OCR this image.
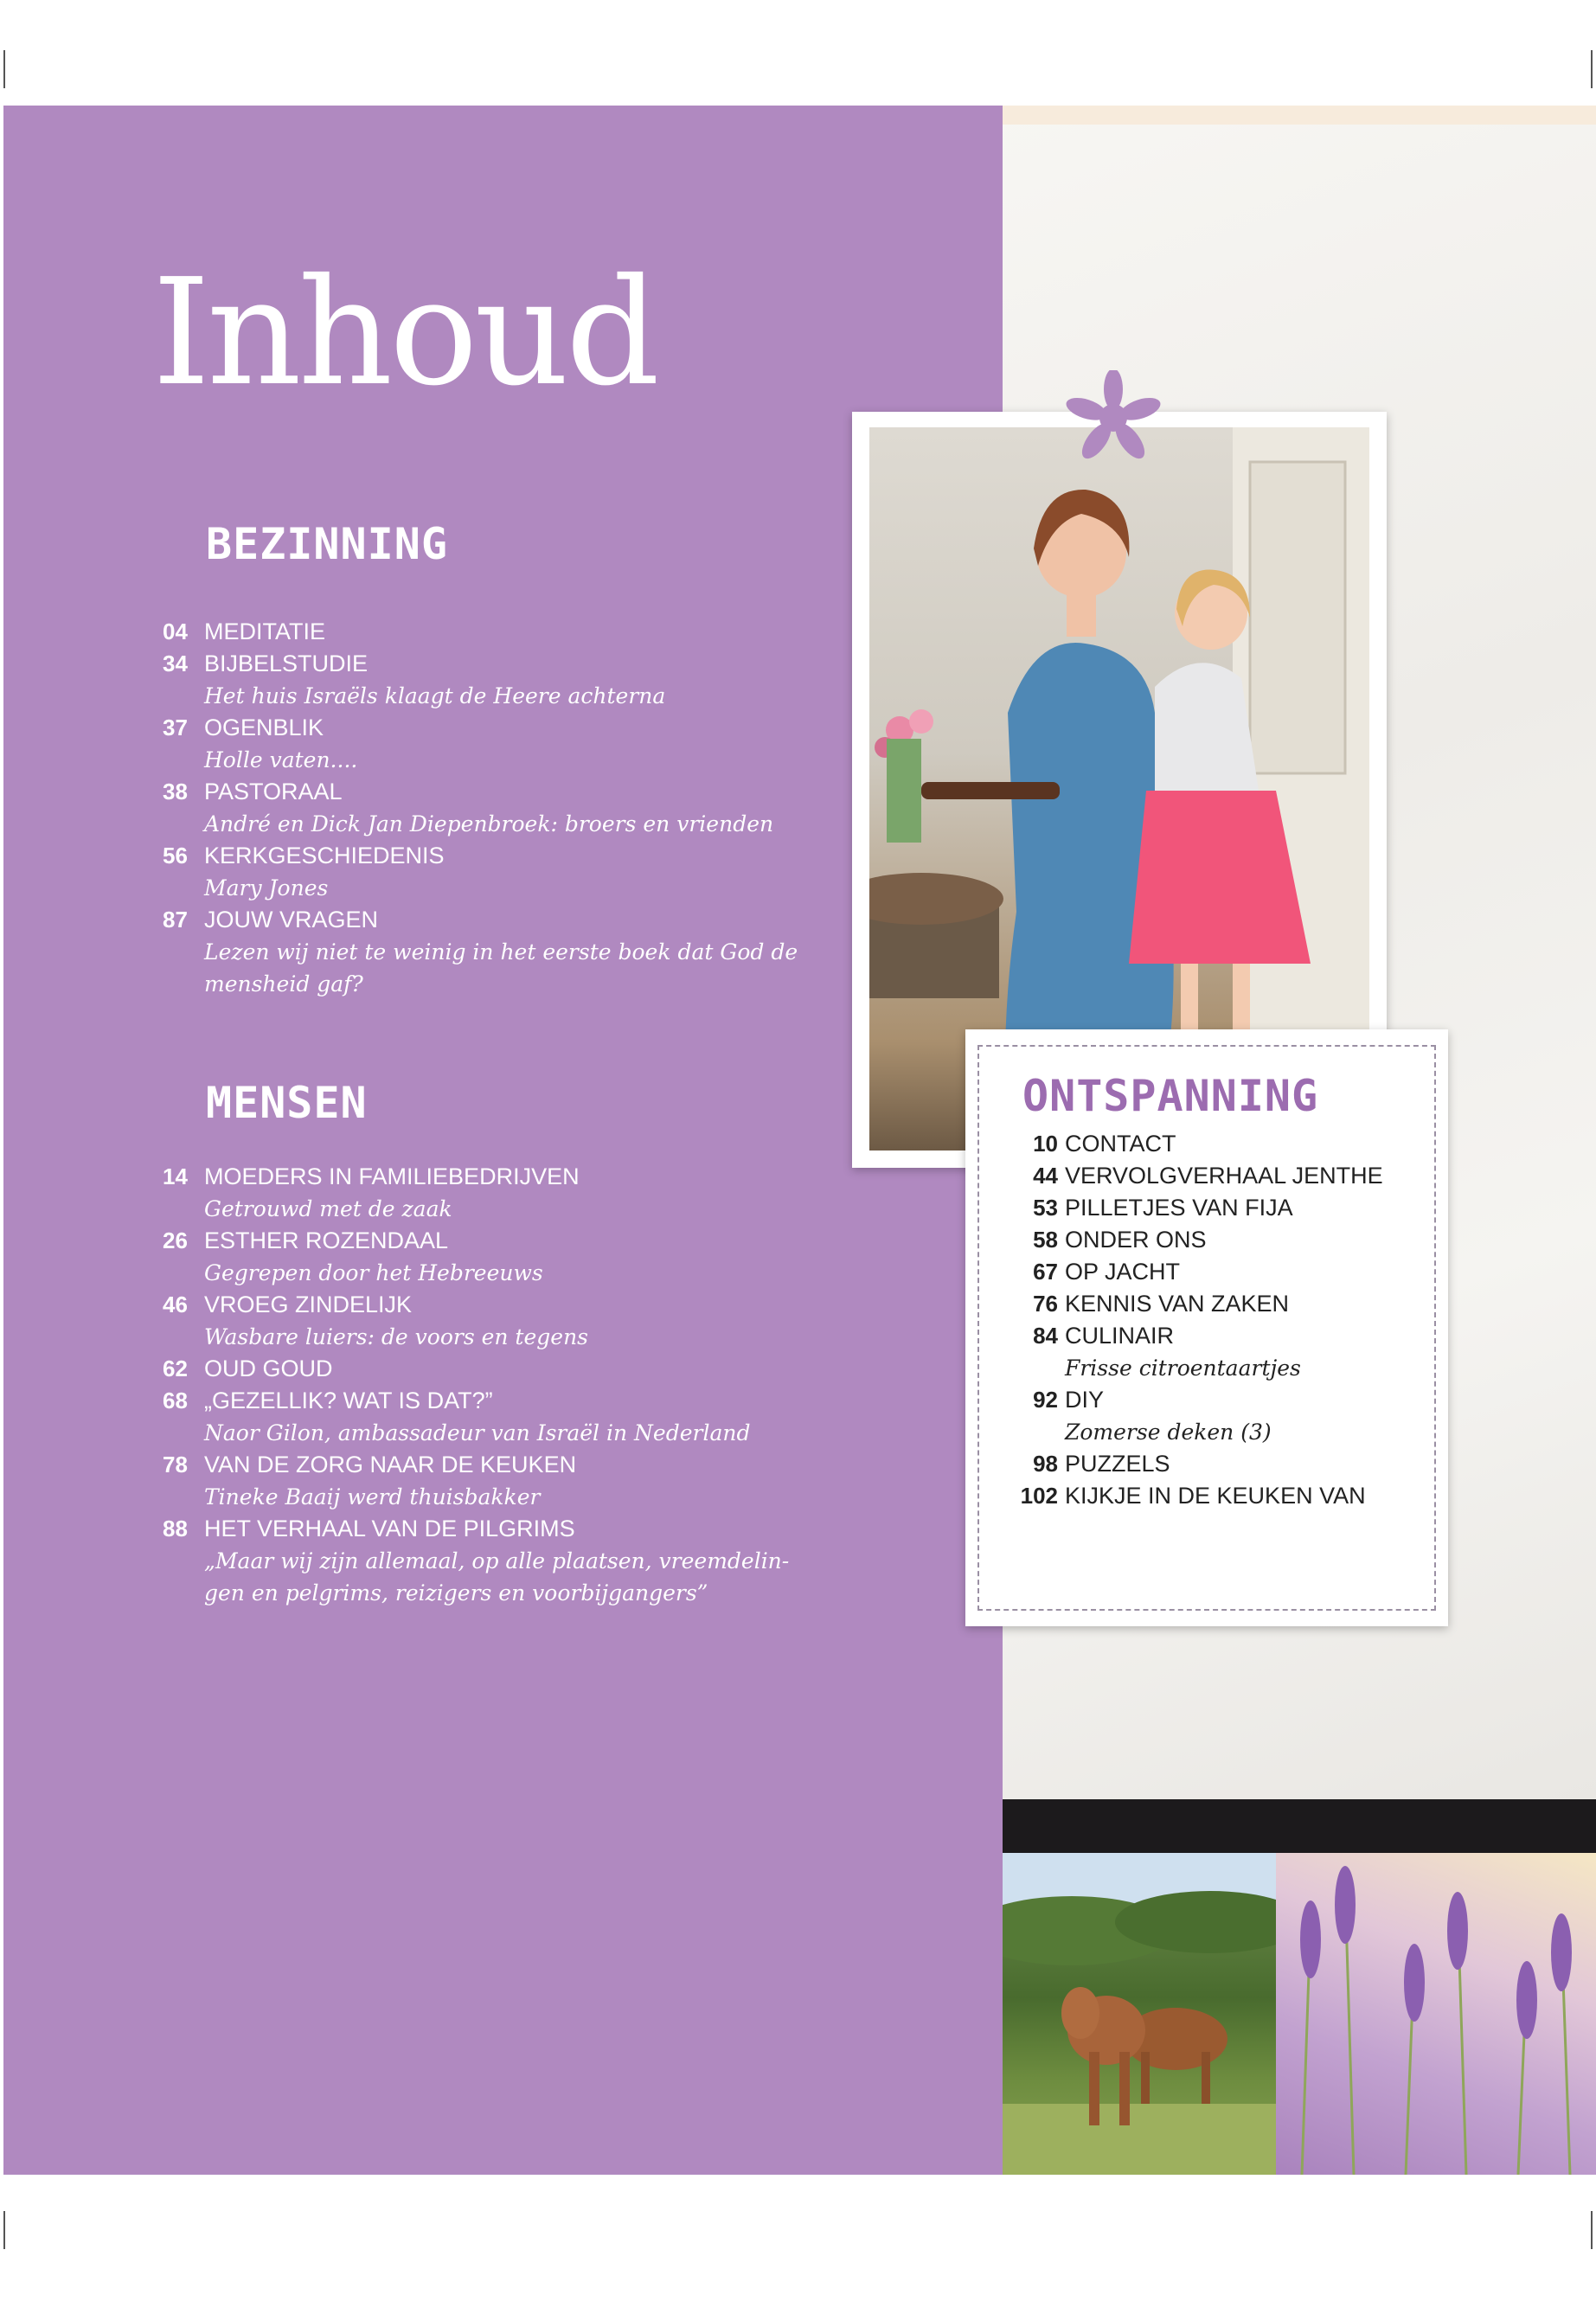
Inhoud
BEZINNING
04 MEDITATIE
34 BIJBELSTUDIE
Het huis Israëls klaagt de Heere achterna
37 OGENBLIK
Holle vaten....
38 PASTORAAL
André en Dick Jan Diepenbroek: broers en vrienden
56 KERKGESCHIEDENIS
Mary Jones
87 JOUW VRAGEN
Lezen wij niet te weinig in het eerste boek dat God de
mensheid gaf?
MENSEN
14 MOEDERS IN FAMILIEBEDRIJVEN
Getrouwd met de zaak
26 ESTHER ROZENDAAL
Gegrepen door het Hebreeuws
46 VROEG ZINDELIJK
Wasbare luiers: de voors en tegens
62 OUD GOUD
68 „GEZELLIK? WAT IS DAT?”
Naor Gilon, ambassadeur van Israël in Nederland
78 VAN DE ZORG NAAR DE KEUKEN
Tineke Baaij werd thuisbakker
88 HET VERHAAL VAN DE PILGRIMS
„Maar wij zijn allemaal, op alle plaatsen, vreemdelin-
gen en pelgrims, reizigers en voorbijgangers”
ONTSPANNING
10 CONTACT
44 VERVOLGVERHAAL JENTHE
53 PILLETJES VAN FIJA
58 ONDER ONS
67 OP JACHT
76 KENNIS VAN ZAKEN
84 CULINAIR
Frisse citroentaartjes
92 DIY
Zomerse deken (3)
98 PUZZELS
102 KIJKJE IN DE KEUKEN VAN
